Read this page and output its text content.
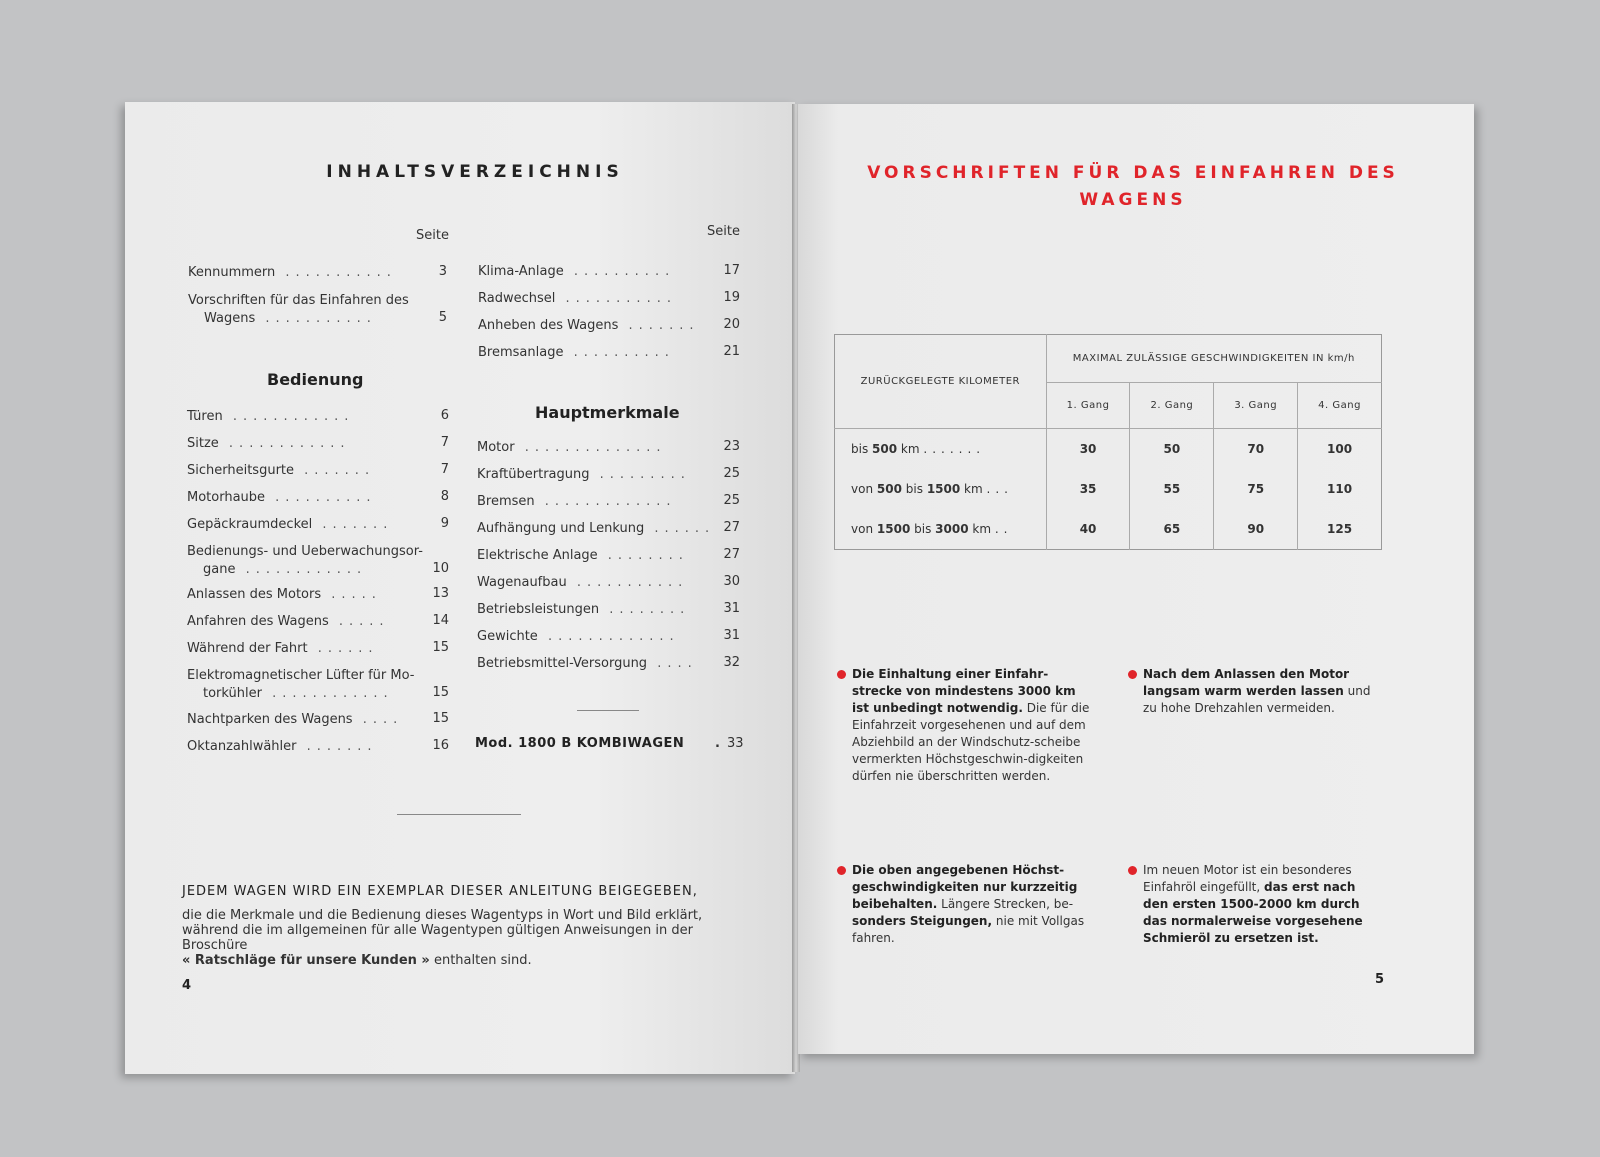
INHALTSVERZEICHNIS
Seite	Seite
Kennummern ...........	3
Vorschriften für das Einfahren des
Wagens ...........	5
Türen ............	6
Sitze ............	7
Sicherheitsgurte .......	7
Motorhaube ..........	8
Gepäckraumdeckel .......	9
Bedienungs- und Ueberwachungsor-
gane ............	10
Anlassen des Motors .....	13
Anfahren des Wagens .....	14
Während der Fahrt ......	15
Elektromagnetischer Lüfter für Mo-
torkühler ............	15
Nachtparken des Wagens ....	15
Oktanzahlwähler .......	16
Klima-Anlage ..........	17
Radwechsel ...........	19
Anheben des Wagens .......	20
Bremsanlage ..........	21
Motor ..............	23
Kraftübertragung .........	25
Bremsen .............	25
Aufhängung und Lenkung ...... 27
Elektrische Anlage ........	27
Wagenaufbau ...........	30
Betriebsleistungen ........	31
Gewichte .............	31
Betriebsmittel-Versorgung ....	32
Bedienung
Hauptmerkmale
Mod. 1800 B KOMBIWAGEN . 33
JEDEM WAGEN WIRD EIN EXEMPLAR DIESER ANLEITUNG BEIGEGEBEN,
die die Merkmale und die Bedienung dieses Wagentyps in Wort und Bild erklärt,
während die im allgemeinen für alle Wagentypen gültigen Anweisungen in der Broschüre
« Ratschläge für unsere Kunden » enthalten sind.
4
VORSCHRIFTEN FÜR DAS EINFAHREN DES
WAGENS
ZURÜCKGELEGTE KILOMETER	MAXIMAL ZULÄSSIGE GESCHWINDIGKEITEN IN km/h			
	1. Gang	2. Gang	3. Gang	4. Gang
bis 500 km .......	30	50	70	100
von 500 bis 1500 km ...	35	55	75	110
von 1500 bis 3000 km ..	40	65	90	125
Die Einhaltung einer Einfahr-strecke von mindestens 3000 km ist unbedingt notwendig. Die für die Einfahrzeit vorgesehenen und auf dem Abziehbild an der Windschutz-scheibe vermerkten Höchstgeschwin-digkeiten dürfen nie überschritten werden.
Nach dem Anlassen den Motor langsam warm werden lassen und zu hohe Drehzahlen vermeiden.
Die oben angegebenen Höchst-geschwindigkeiten nur kurzzeitig beibehalten. Längere Strecken, be- sonders Steigungen, nie mit Vollgas fahren.
Im neuen Motor ist ein besonderes Einfahröl eingefüllt, das erst nach den ersten 1500-2000 km durch das normalerweise vorgesehene Schmieröl zu ersetzen ist.
5
